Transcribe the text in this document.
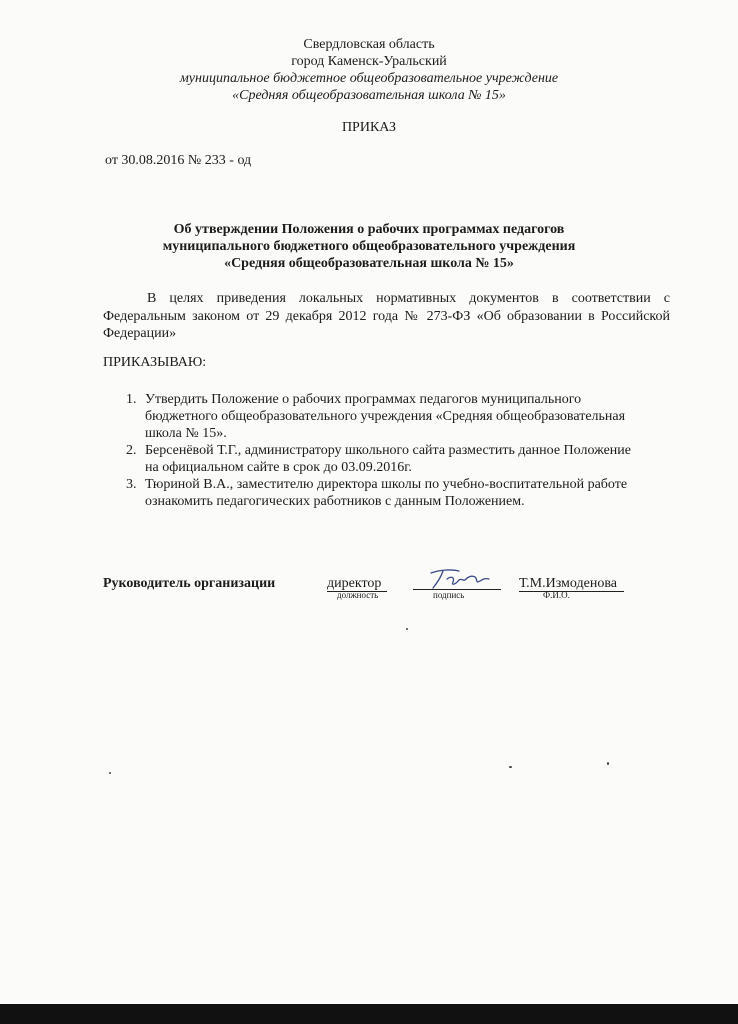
Свердловская область
город Каменск-Уральский
муниципальное бюджетное общеобразовательное учреждение
«Средняя общеобразовательная школа № 15»
ПРИКАЗ
от 30.08.2016 № 233 - од
Об утверждении Положения о рабочих программах педагогов
муниципального бюджетного общеобразовательного учреждения
«Средняя общеобразовательная школа № 15»
В целях приведения локальных нормативных документов в соответствии с
Федеральным законом от 29 декабря 2012 года № 273-ФЗ «Об образовании в Российской
Федерации»
ПРИКАЗЫВАЮ:
1. Утвердить Положение о рабочих программах педагогов муниципального
бюджетного общеобразовательного учреждения «Средняя общеобразовательная
школа № 15».
2. Берсенёвой Т.Г., администратору школьного сайта разместить данное Положение
на официальном сайте в срок до 03.09.2016г.
3. Тюриной В.А., заместителю директора школы по учебно-воспитательной работе
ознакомить педагогических работников с данным Положением.
Руководитель организации	директор
должность	подпись
Т.М.Измоденова
Ф.И.О.
